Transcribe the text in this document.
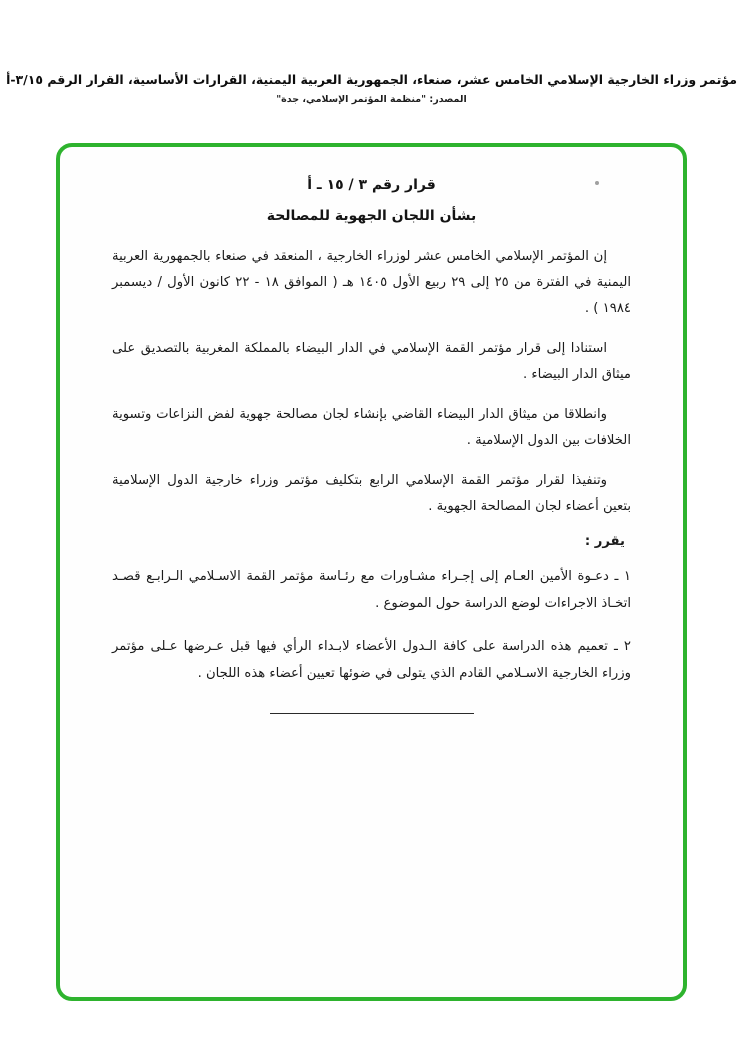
مؤتمر وزراء الخارجية الإسلامي الخامس عشر، صنعاء، الجمهورية العربية اليمنية، القرارات الأساسية، القرار الرقم ٣/١٥-أ
المصدر: "منظمة المؤتمر الإسلامي، جدة"
قرار رقم ٣ / ١٥ ـ أ
بشأن اللجان الجهوية للمصالحة

إن المؤتمر الإسلامي الخامس عشر لوزراء الخارجية ، المنعقد في صنعاء بالجمهورية العربية اليمنية في الفترة من ٢٥ إلى ٢٩ ربيع الأول ١٤٠٥ هـ ( الموافق ١٨ - ٢٢ كانون الأول / ديسمبر ١٩٨٤ ) .

استنادا إلى قرار مؤتمر القمة الإسلامي في الدار البيضاء بالمملكة المغربية بالتصديق على ميثاق الدار البيضاء .

وانطلاقا من ميثاق الدار البيضاء القاضي بإنشاء لجان مصالحة جهوية لفض النزاعات وتسوية الخلافات بين الدول الإسلامية .

وتنفيذا لقرار مؤتمر القمة الإسلامي الرابع بتكليف مؤتمر وزراء خارجية الدول الإسلامية بتعين أعضاء لجان المصالحة الجهوية .

يقرر :

١ ـ دعـوة الأمين العـام إلى إجـراء مشـاورات مع رئـاسة مؤتمر القمة الاسـلامي الـرابـع قصـد اتخـاذ الاجراءات لوضع الدراسة حول الموضوع .

٢ ـ تعميم هذه الدراسة على كافة الـدول الأعضاء لابـداء الرأي فيها قبل عـرضها عـلى مؤتمر وزراء الخارجية الاسـلامي القادم الذي يتولى في ضوئها تعيين أعضاء هذه اللجان .
